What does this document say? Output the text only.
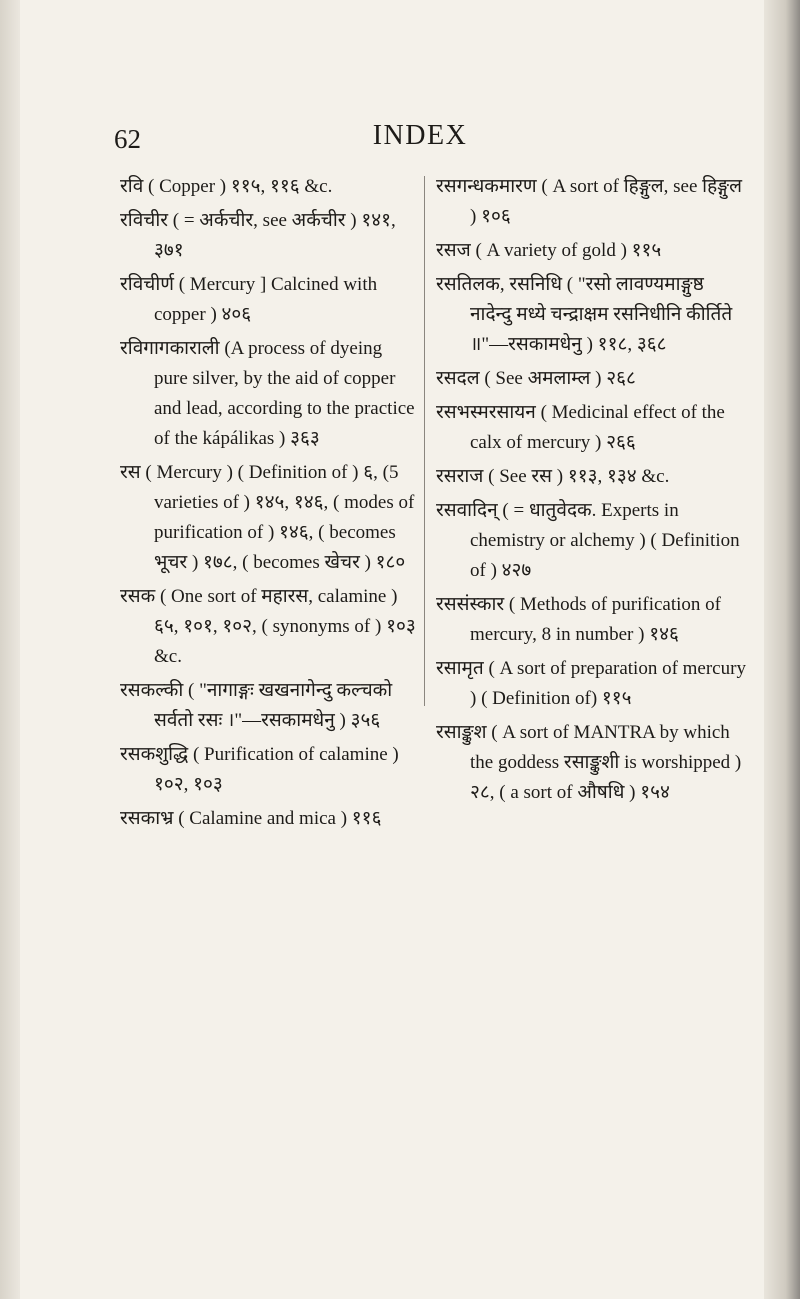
62	INDEX

रवि ( Copper ) ११५, ११६ &c.

रविचीर ( = अर्कचीर, see अर्कचीर ) १४१, ३७१

रविचीर्ण ( Mercury ] Calcined with copper ) ४०६

रविगागकाराली (A process of dyeing pure silver, by the aid of copper and lead, according to the practice of the kápálikas ) ३६३

रस ( Mercury ) ( Definition of ) ६, (5 varieties of ) १४५, १४६, ( modes of purification of ) १४६, ( becomes भूचर ) १७८, ( becomes खेचर ) १८०

रसक ( One sort of महारस, calamine ) ६५, १०१, १०२, ( synonyms of ) १०३ &c.

रसकल्की ( "नागाङ्गः खखनागेन्दु कल्चको सर्वतो रसः ।"—रसकामधेनु ) ३५६

रसकशुद्धि ( Purification of calamine ) १०२, १०३

रसकाभ्र ( Calamine and mica ) ११६

रसगन्धकमारण ( A sort of हिङ्गुल, see हिङ्गुल ) १०६

रसज ( A variety of gold ) ११५

रसतिलक, रसनिधि ( "रसो लावण्यमाङ्गुष्ठ नादेन्दु मध्ये चन्द्राक्षम रसनिधीनि कीर्तिते ॥"—रसकामधेनु ) ११८, ३६८

रसदल ( See अमलाम्ल ) २६८

रसभस्मरसायन ( Medicinal effect of the calx of mercury ) २६६

रसराज ( See रस ) ११३, १३४ &c.

रसवादिन् ( = धातुवेदक. Experts in chemistry or alchemy ) ( Definition of ) ४२७

रससंस्कार ( Methods of purification of mercury, 8 in number ) १४६

रसामृत ( A sort of preparation of mercury ) ( Definition of) ११५

रसाङ्कुश ( A sort of MANTRA by which the goddess रसाङ्कुशी is worshipped ) २८, ( a sort of औषधि ) १५४
